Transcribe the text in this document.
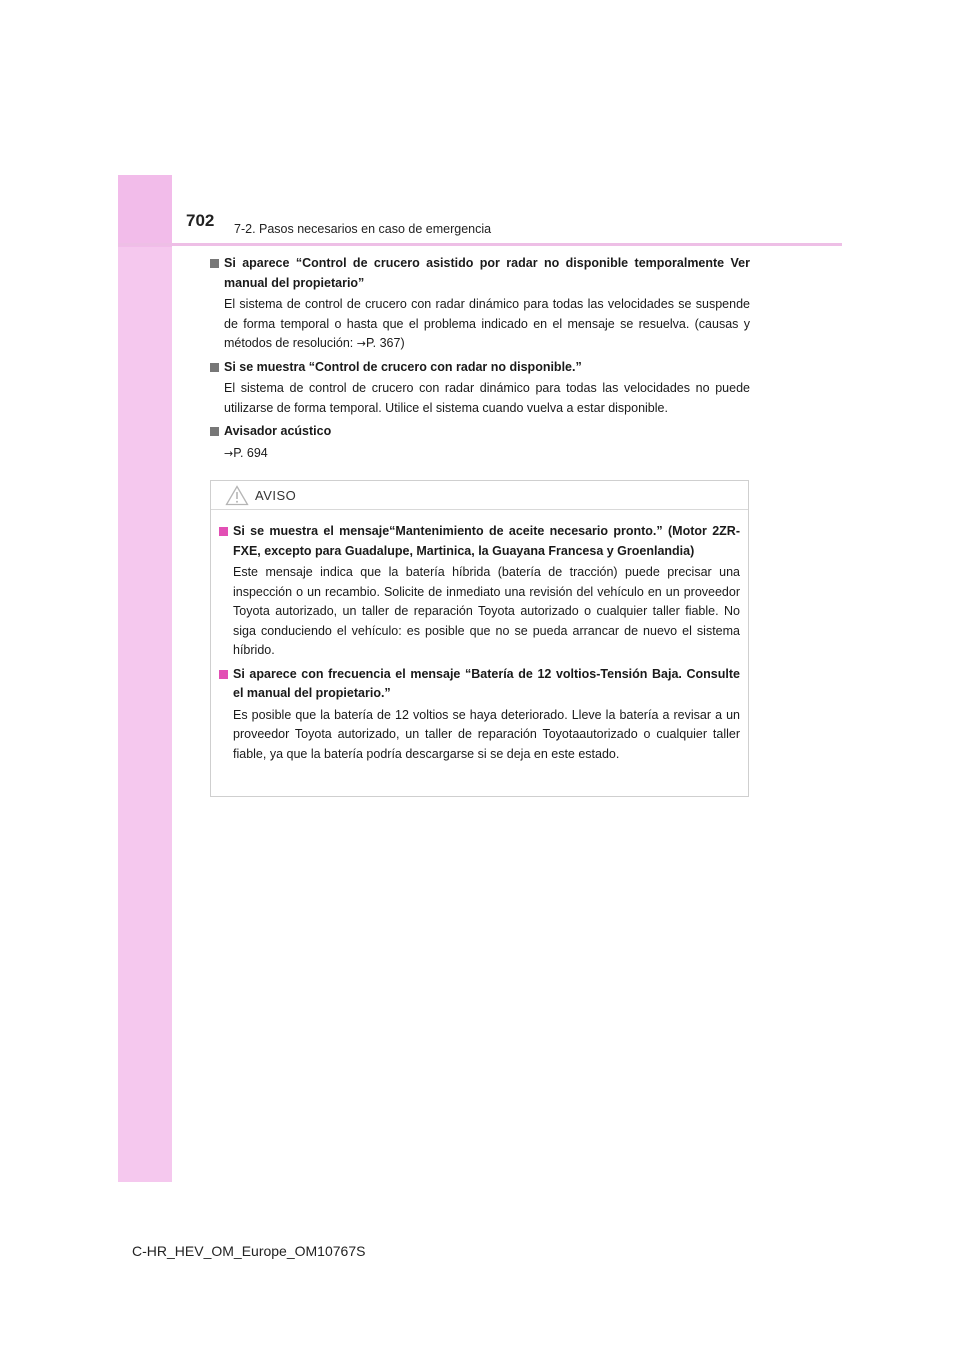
702 7-2. Pasos necesarios en caso de emergencia
Si aparece “Control de crucero asistido por radar no disponible temporalmente Ver manual del propietario”
El sistema de control de crucero con radar dinámico para todas las velocidades se suspende de forma temporal o hasta que el problema indicado en el mensaje se resuelva. (causas y métodos de resolución: →P. 367)
Si se muestra “Control de crucero con radar no disponible.”
El sistema de control de crucero con radar dinámico para todas las velocidades no puede utilizarse de forma temporal. Utilice el sistema cuando vuelva a estar disponible.
Avisador acústico
→P. 694
AVISO
Si se muestra el mensaje“Mantenimiento de aceite necesario pronto.” (Motor 2ZR-FXE, excepto para Guadalupe, Martinica, la Guayana Francesa y Groenlandia)
Este mensaje indica que la batería híbrida (batería de tracción) puede precisar una inspección o un recambio. Solicite de inmediato una revisión del vehículo en un proveedor Toyota autorizado, un taller de reparación Toyota autorizado o cualquier taller fiable. No siga conduciendo el vehículo: es posible que no se pueda arrancar de nuevo el sistema híbrido.
Si aparece con frecuencia el mensaje “Batería de 12 voltios-Tensión Baja. Consulte el manual del propietario.”
Es posible que la batería de 12 voltios se haya deteriorado. Lleve la batería a revisar a un proveedor Toyota autorizado, un taller de reparación Toyotaautorizado o cualquier taller fiable, ya que la batería podría descargarse si se deja en este estado.
C-HR_HEV_OM_Europe_OM10767S
